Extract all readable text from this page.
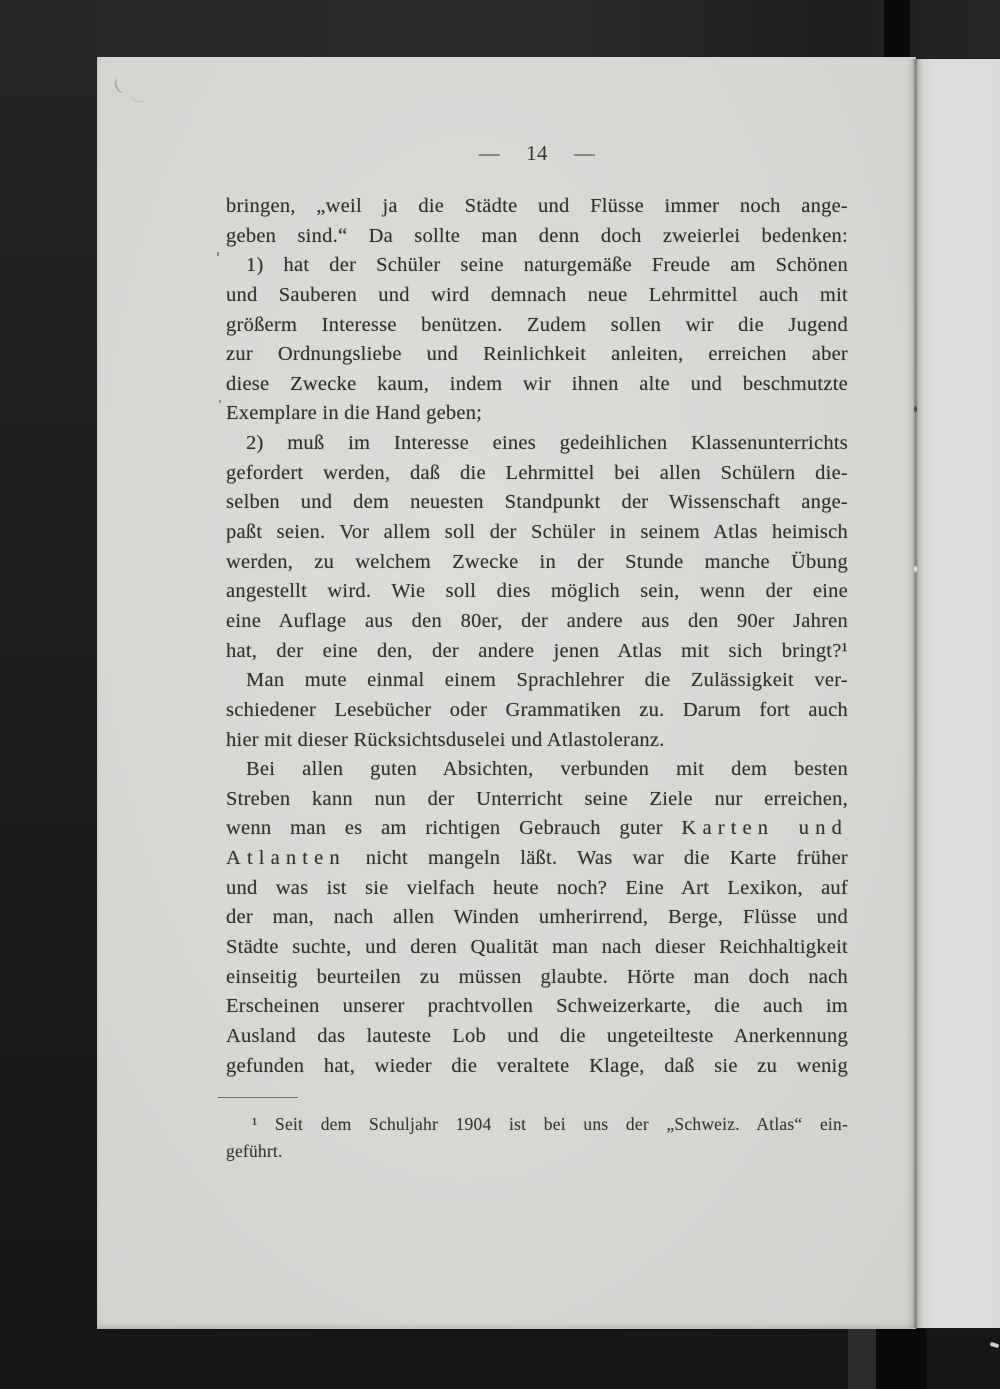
— 14 —
bringen, „weil ja die Städte und Flüsse immer noch ange-
geben sind.“ Da sollte man denn doch zweierlei bedenken:
1) hat der Schüler seine naturgemäße Freude am Schönen
und Sauberen und wird demnach neue Lehrmittel auch mit
größerm Interesse benützen. Zudem sollen wir die Jugend
zur Ordnungsliebe und Reinlichkeit anleiten, erreichen aber
diese Zwecke kaum, indem wir ihnen alte und beschmutzte
Exemplare in die Hand geben;
2) muß im Interesse eines gedeihlichen Klassenunterrichts
gefordert werden, daß die Lehrmittel bei allen Schülern die-
selben und dem neuesten Standpunkt der Wissenschaft ange-
paßt seien. Vor allem soll der Schüler in seinem Atlas heimisch
werden, zu welchem Zwecke in der Stunde manche Übung
angestellt wird. Wie soll dies möglich sein, wenn der eine
eine Auflage aus den 80er, der andere aus den 90er Jahren
hat, der eine den, der andere jenen Atlas mit sich bringt?¹
Man mute einmal einem Sprachlehrer die Zulässigkeit ver-
schiedener Lesebücher oder Grammatiken zu. Darum fort auch
hier mit dieser Rücksichtsduselei und Atlastoleranz.
Bei allen guten Absichten, verbunden mit dem besten
Streben kann nun der Unterricht seine Ziele nur erreichen,
wenn man es am richtigen Gebrauch guter Karten und
Atlanten nicht mangeln läßt. Was war die Karte früher
und was ist sie vielfach heute noch? Eine Art Lexikon, auf
der man, nach allen Winden umherirrend, Berge, Flüsse und
Städte suchte, und deren Qualität man nach dieser Reichhaltigkeit
einseitig beurteilen zu müssen glaubte. Hörte man doch nach
Erscheinen unserer prachtvollen Schweizerkarte, die auch im
Ausland das lauteste Lob und die ungeteilteste Anerkennung
gefunden hat, wieder die veraltete Klage, daß sie zu wenig
¹ Seit dem Schuljahr 1904 ist bei uns der „Schweiz. Atlas“ ein-
geführt.
